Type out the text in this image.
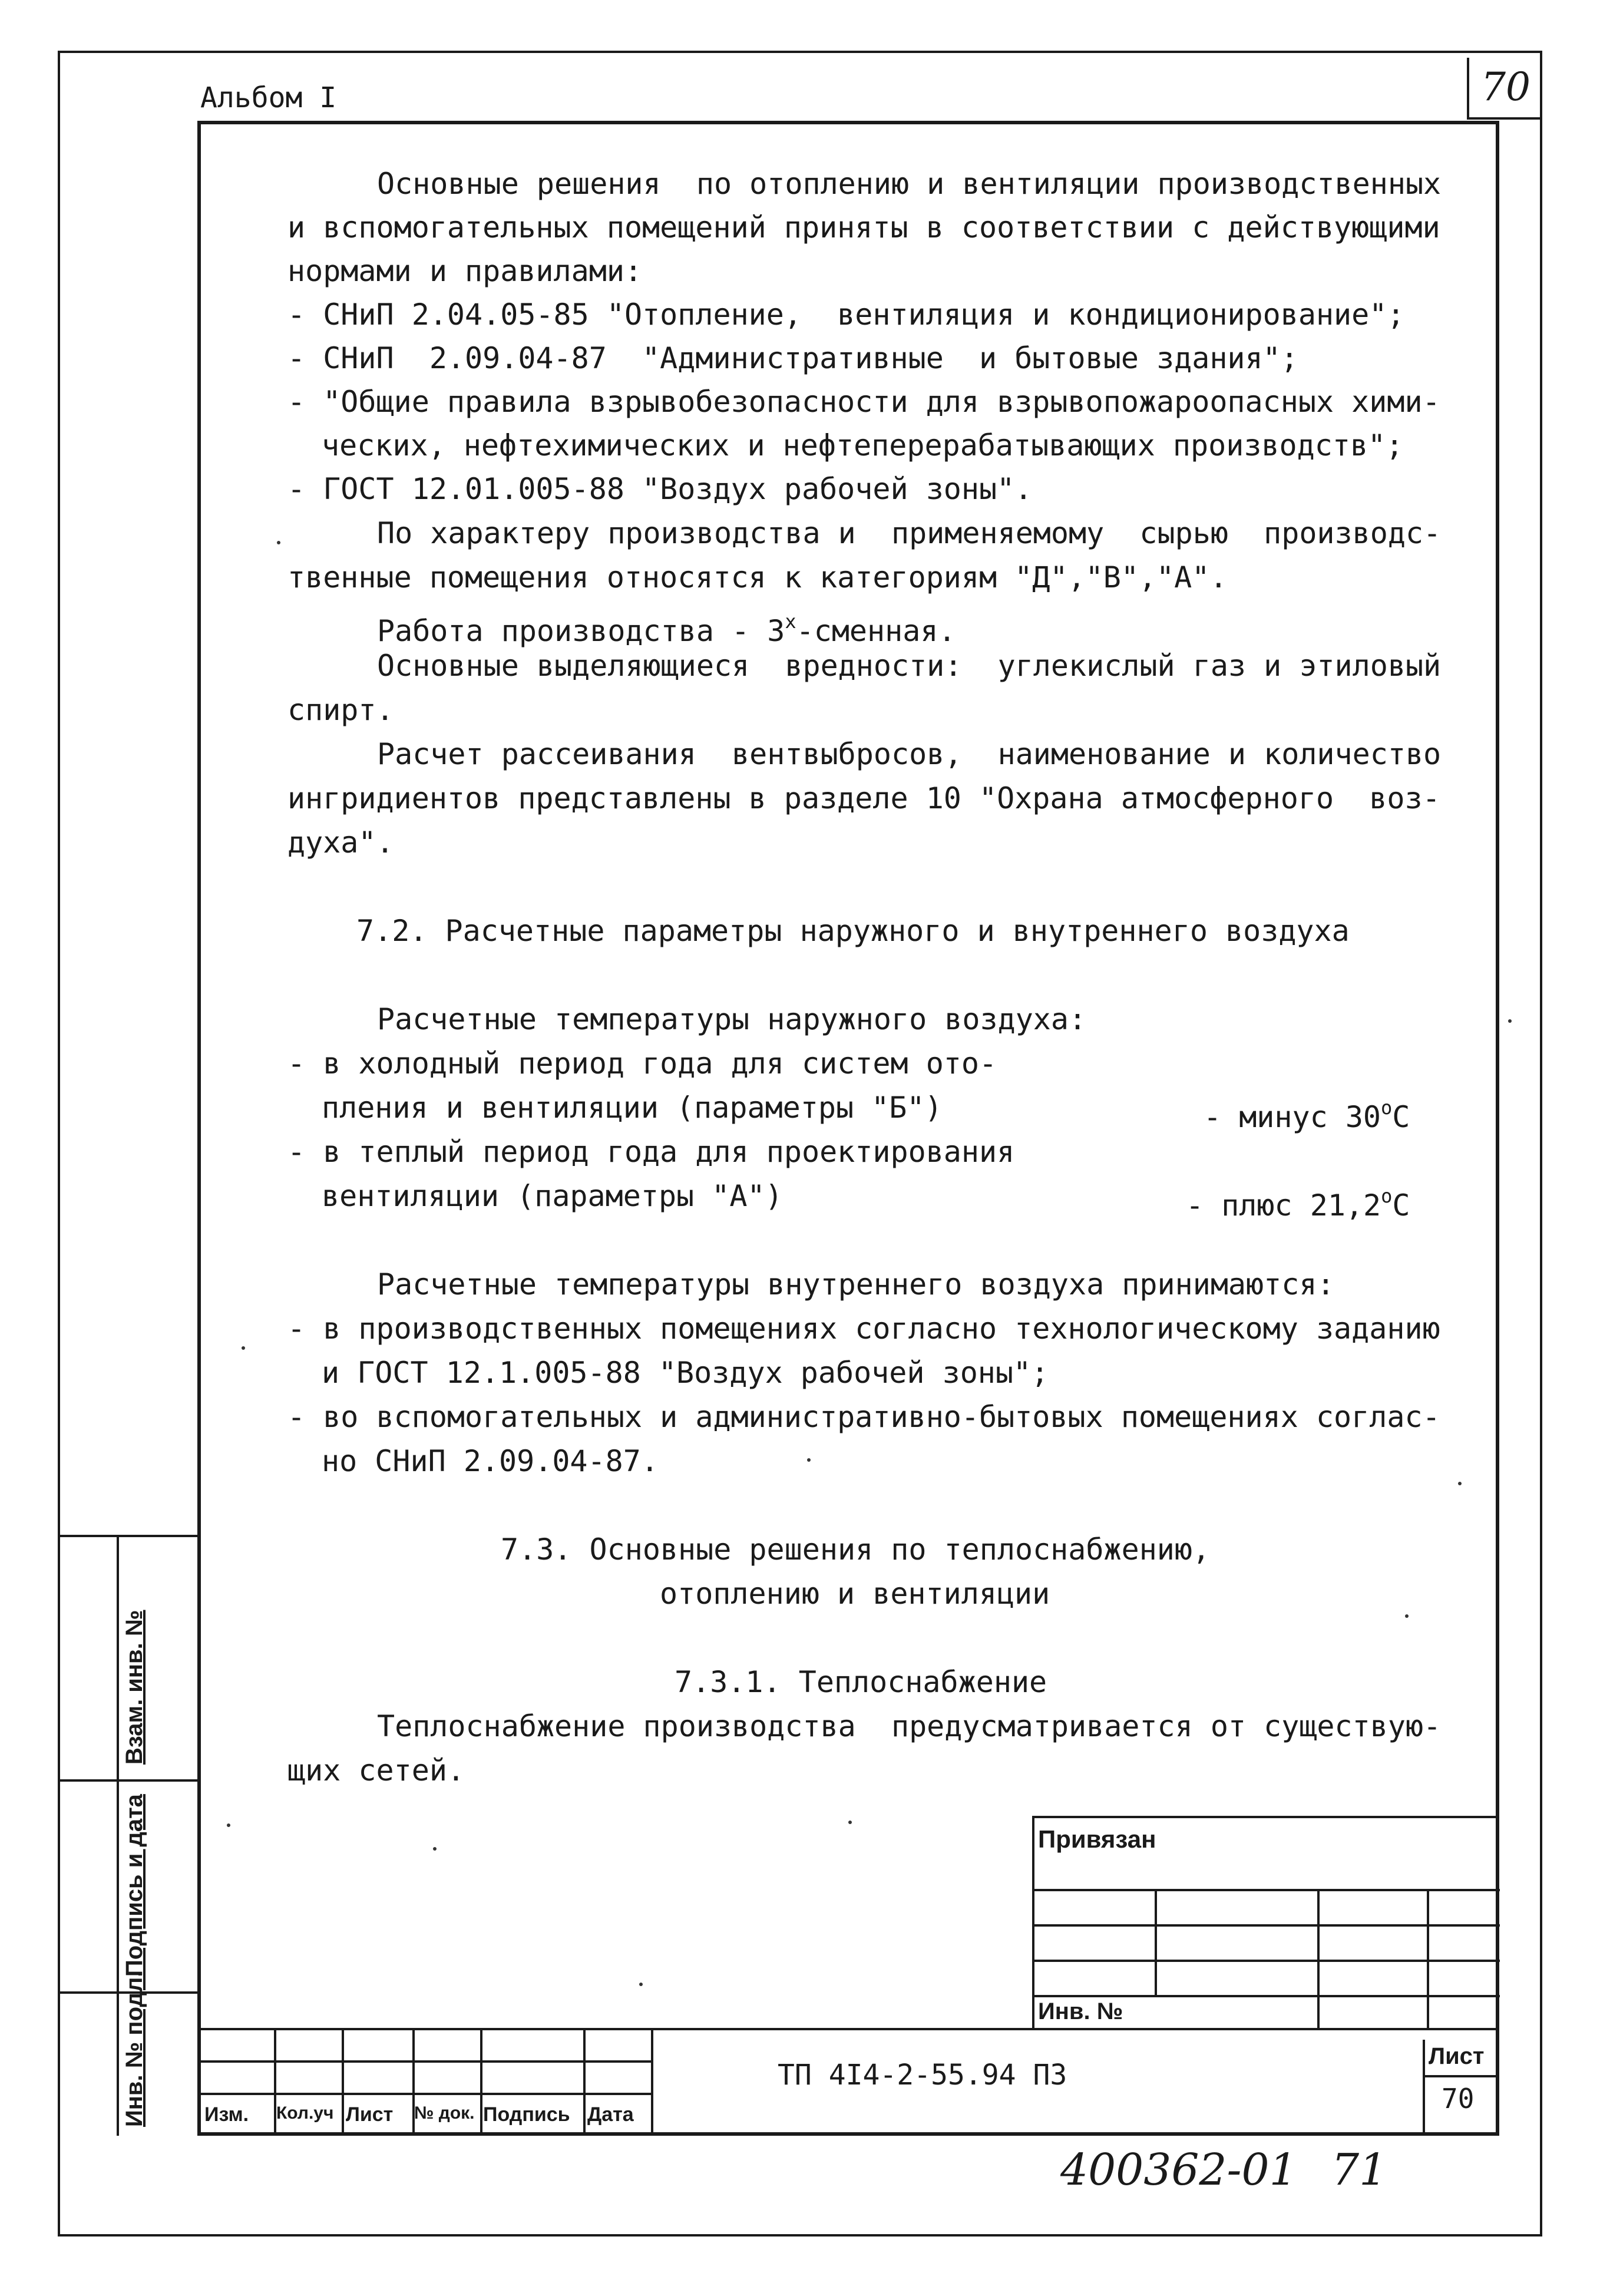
70
Альбом I
Основные решения  по отоплению и вентиляции производственных
и вспомогательных помещений приняты в соответствии с действующими
нормами и правилами:
- СНиП 2.04.05-85 "Отопление,  вентиляция и кондиционирование";
- СНиП  2.09.04-87  "Административные  и бытовые здания";
- "Общие правила взрывобезопасности для взрывопожароопасных хими-
ческих, нефтехимических и нефтеперерабатывающих производств";
- ГОСТ 12.01.005-88 "Воздух рабочей зоны".
По характеру производства и  применяемому  сырью  производс-
твенные помещения относятся к категориям "Д","В","А".
Работа производства - $3^х$-сменная.
Основные выделяющиеся  вредности:  углекислый газ и этиловый
спирт.
Расчет рассеивания  вентвыбросов,  наименование и количество
ингридиентов представлены в разделе 10 "Охрана атмосферного  воз-
духа".
7.2. Расчетные параметры наружного и внутреннего воздуха
Расчетные температуры наружного воздуха:
- в холодный период года для систем ото-
пления и вентиляции (параметры "Б")	- минус $30^оС$
- в теплый период года для проектирования
вентиляции (параметры "А")	- плюс $21,2^оС$
Расчетные температуры внутреннего воздуха принимаются:
- в производственных помещениях согласно технологическому заданию
и ГОСТ 12.1.005-88 "Воздух рабочей зоны";
- во вспомогательных и административно-бытовых помещениях соглас-
но СНиП 2.09.04-87.
7.3. Основные решения по теплоснабжению,
отоплению и вентиляции
7.3.1. Теплоснабжение
Теплоснабжение производства  предусматривается от существую-
щих сетей.
Взам. инв. №
Подпись и дата
Инв. № подл.
Привязан
Инв. №
Изм. Кол.уч Лист № док. Подпись Дата
ТП 4I4-2-55.94 ПЗ
Лист
70
400362-01 71
